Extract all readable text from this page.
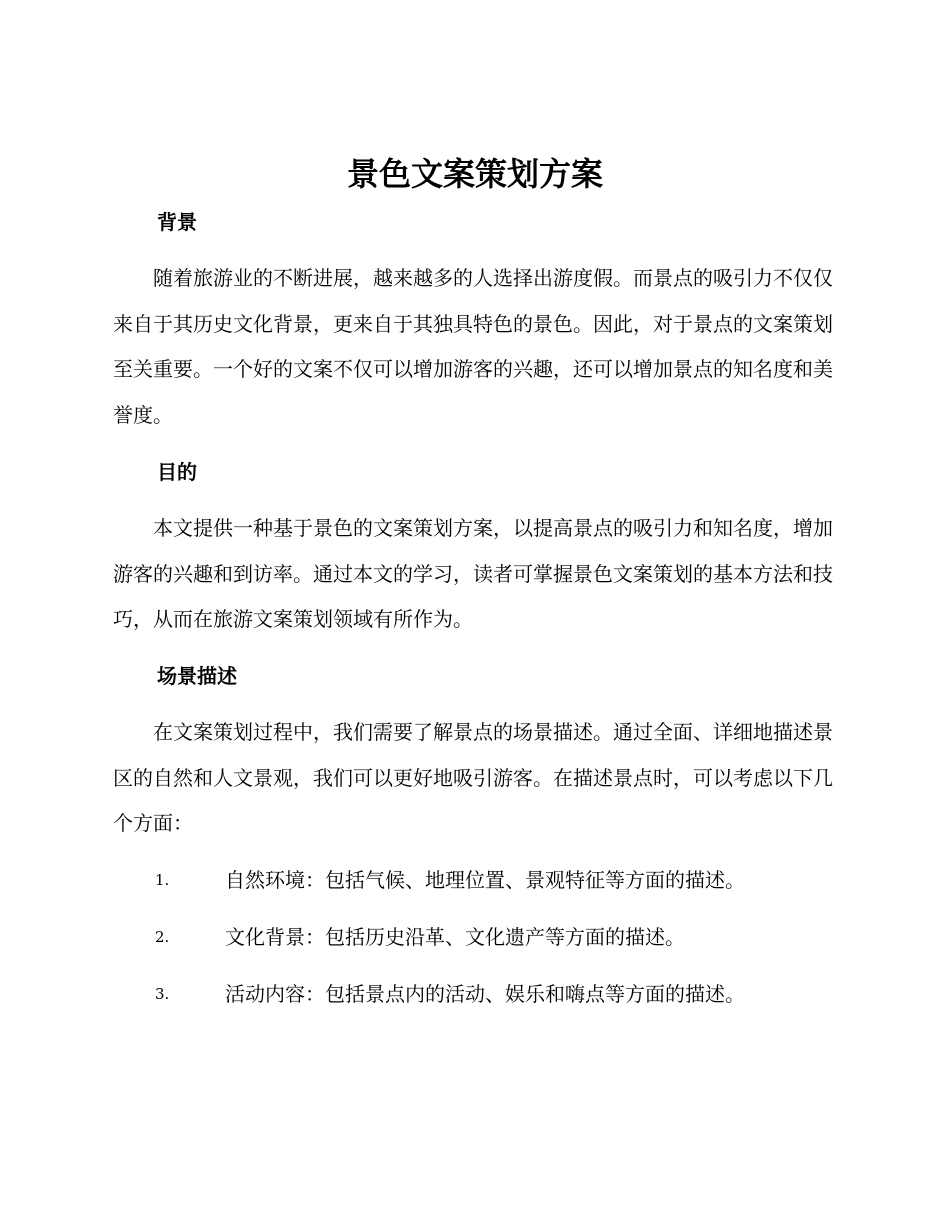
景色文案策划方案
背景

随着旅游业的不断进展，越来越多的人选择出游度假。而景点的吸引力不仅仅来自于其历史文化背景，更来自于其独具特色的景色。因此，对于景点的文案策划至关重要。一个好的文案不仅可以增加游客的兴趣，还可以增加景点的知名度和美誉度。

目的

本文提供一种基于景色的文案策划方案，以提高景点的吸引力和知名度，增加游客的兴趣和到访率。通过本文的学习，读者可掌握景色文案策划的基本方法和技巧，从而在旅游文案策划领域有所作为。

场景描述

在文案策划过程中，我们需要了解景点的场景描述。通过全面、详细地描述景区的自然和人文景观，我们可以更好地吸引游客。在描述景点时，可以考虑以下几个方面：

1.	自然环境：包括气候、地理位置、景观特征等方面的描述。
2.	文化背景：包括历史沿革、文化遗产等方面的描述。
3.	活动内容：包括景点内的活动、娱乐和嗨点等方面的描述。
